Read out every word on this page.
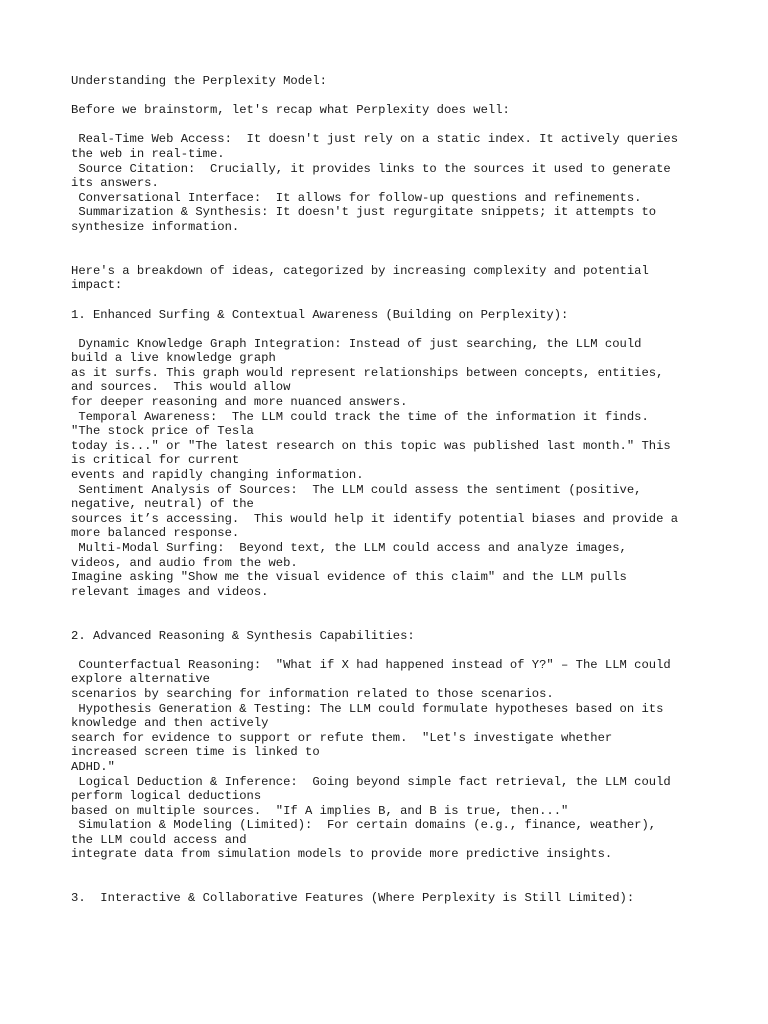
Understanding the Perplexity Model:
Before we brainstorm, let's recap what Perplexity does well:
Real-Time Web Access:  It doesn't just rely on a static index. It actively queries
the web in real-time.
Source Citation:  Crucially, it provides links to the sources it used to generate
its answers.
Conversational Interface:  It allows for follow-up questions and refinements.
Summarization & Synthesis: It doesn't just regurgitate snippets; it attempts to
synthesize information.
Here's a breakdown of ideas, categorized by increasing complexity and potential
impact:
1. Enhanced Surfing & Contextual Awareness (Building on Perplexity):
Dynamic Knowledge Graph Integration: Instead of just searching, the LLM could
build a live knowledge graph
as it surfs. This graph would represent relationships between concepts, entities,
and sources.  This would allow
for deeper reasoning and more nuanced answers.
Temporal Awareness:  The LLM could track the time of the information it finds.
"The stock price of Tesla
today is..." or "The latest research on this topic was published last month." This
is critical for current
events and rapidly changing information.
Sentiment Analysis of Sources:  The LLM could assess the sentiment (positive,
negative, neutral) of the
sources it’s accessing.  This would help it identify potential biases and provide a
more balanced response.
Multi-Modal Surfing:  Beyond text, the LLM could access and analyze images,
videos, and audio from the web.
Imagine asking "Show me the visual evidence of this claim" and the LLM pulls
relevant images and videos.
2. Advanced Reasoning & Synthesis Capabilities:
Counterfactual Reasoning:  "What if X had happened instead of Y?" – The LLM could
explore alternative
scenarios by searching for information related to those scenarios.
Hypothesis Generation & Testing: The LLM could formulate hypotheses based on its
knowledge and then actively
search for evidence to support or refute them.  "Let's investigate whether
increased screen time is linked to
ADHD."
Logical Deduction & Inference:  Going beyond simple fact retrieval, the LLM could
perform logical deductions
based on multiple sources.  "If A implies B, and B is true, then..."
Simulation & Modeling (Limited):  For certain domains (e.g., finance, weather),
the LLM could access and
integrate data from simulation models to provide more predictive insights.
3.  Interactive & Collaborative Features (Where Perplexity is Still Limited):
